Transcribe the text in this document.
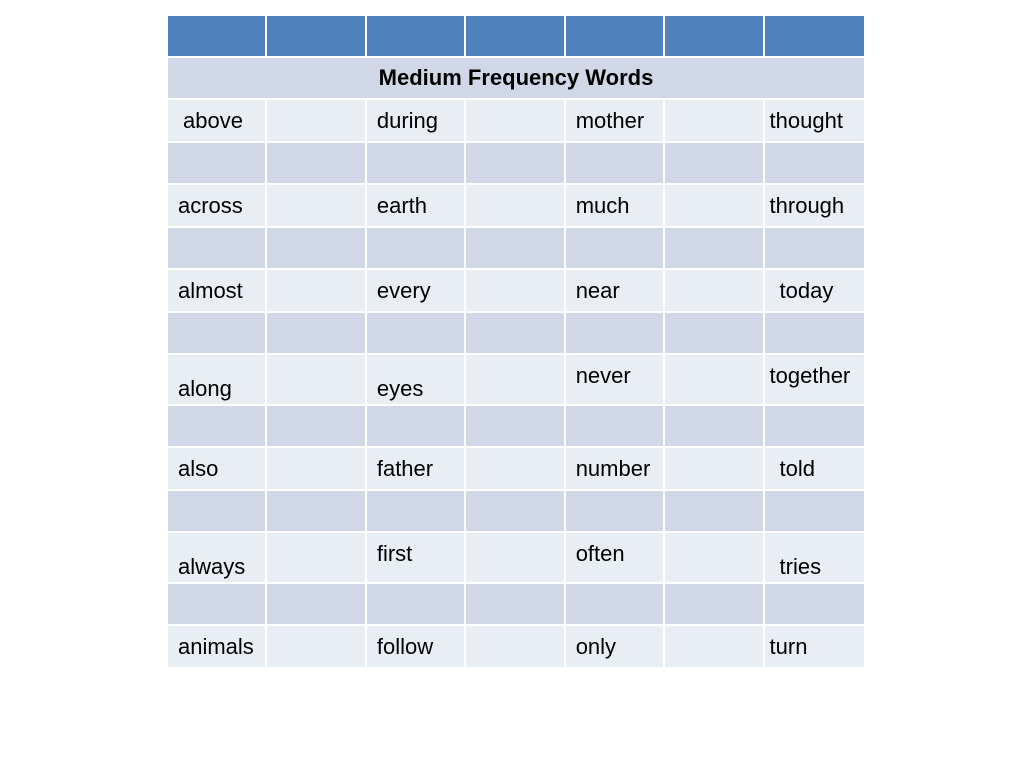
Medium Frequency Words						
above		during		mother		thought

across		earth		much		through

almost		every		near		today

along		eyes		never		together

also		father		number		told

always		first		often		tries

animals		follow		only		turn
